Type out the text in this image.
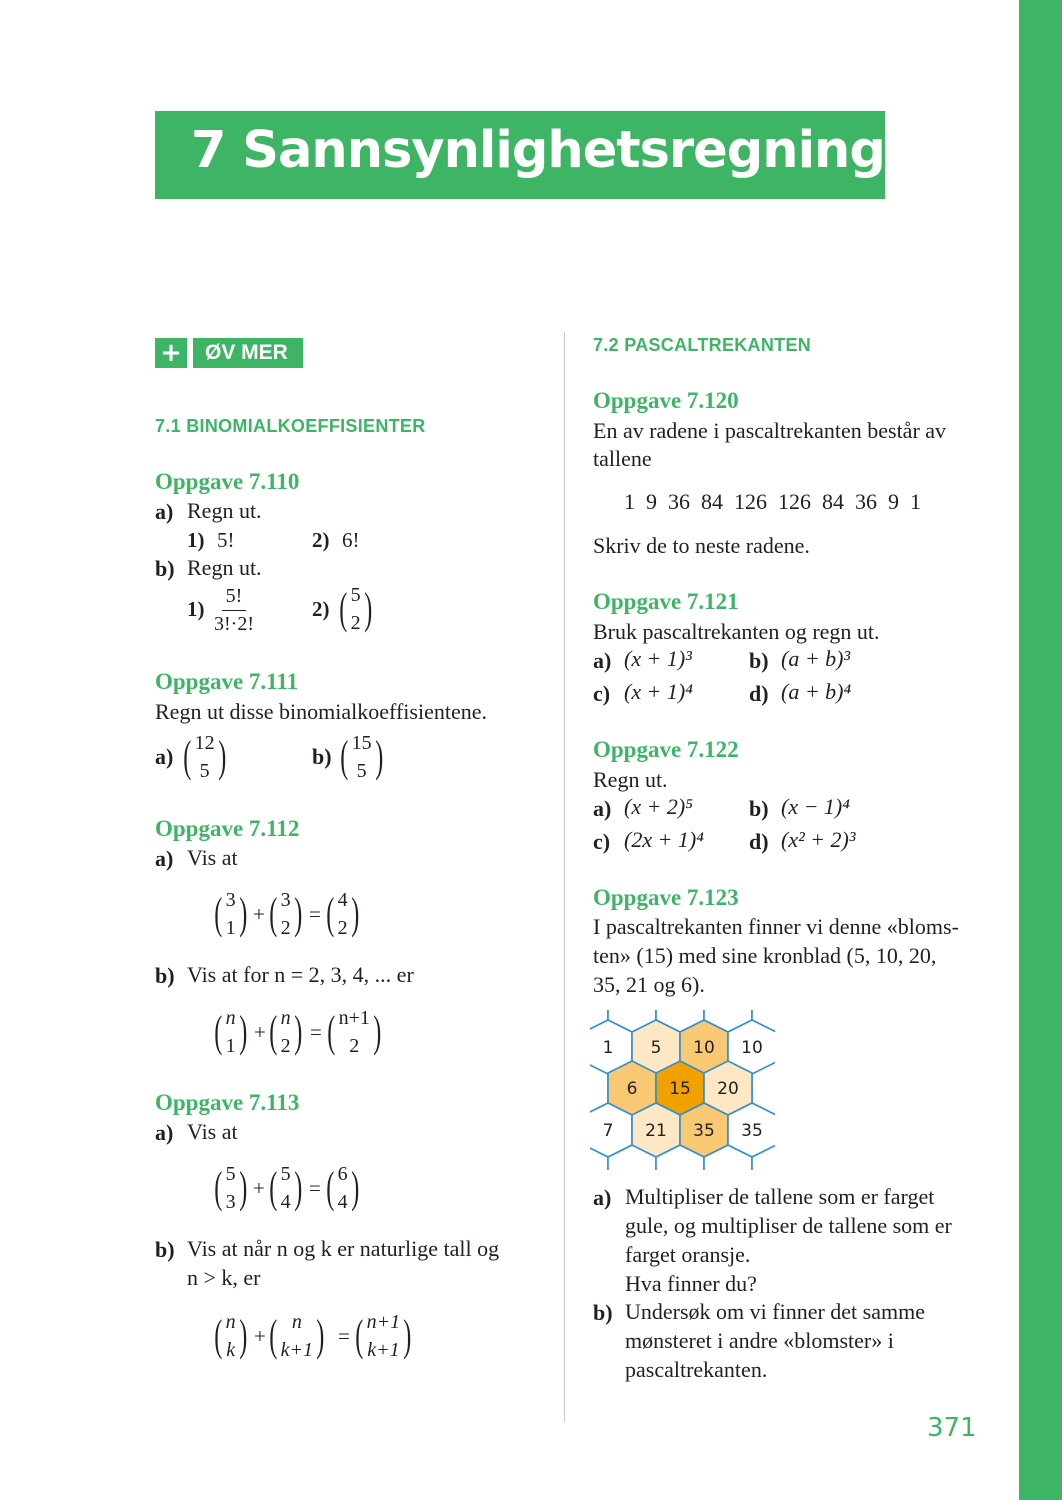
7 Sannsynlighetsregning
+	ØV MER
7.1 BINOMIALKOEFFISIENTER
Oppgave 7.110
a) Regn ut.
1) 5!	2) 6!
b) Regn ut.
$1) \frac{5!}{3!\cdot 2!}$	2) ( 5
2 )
Oppgave 7.111
Regn ut disse binomialkoeffisientene.
a) ( 12
5 )	b) ( 15
5 )
Oppgave 7.112
a) Vis at
( 3
1 ) + ( 3
2 ) = ( 4
2 )
b) Vis at for n = 2, 3, 4, ... er
( n
1 ) + ( n
2 ) = ( n+1
2 )
Oppgave 7.113
a) Vis at
( 5
3 ) + ( 5
4 ) = ( 6
4 )
b) Vis at når n og k er naturlige tall og
n > k, er
( n
k ) + ( n
k+1 ) = ( n+1
k+1 )
7.2 PASCALTREKANTEN
Oppgave 7.120
En av radene i pascaltrekanten består av
tallene
1  9  36  84  126  126  84  36  9  1
Skriv de to neste radene.
Oppgave 7.121
Bruk pascaltrekanten og regn ut.
a) (x + 1)³	b) (a + b)³
c) (x + 1)⁴	d) (a + b)⁴
Oppgave 7.122
Regn ut.
a) (x + 2)⁵	b) (x − 1)⁴
c) (2x + 1)⁴ d) (x² + 2)³
Oppgave 7.123
I pascaltrekanten finner vi denne «bloms-
ten» (15) med sine kronblad (5, 10, 20,
35, 21 og 6).
1 5 10 10
6 15 20
7 21 35 35
a) Multipliser de tallene som er farget
gule, og multipliser de tallene som er
farget oransje.
Hva finner du?
b) Undersøk om vi finner det samme
mønsteret i andre «blomster» i
pascaltrekanten.
371
